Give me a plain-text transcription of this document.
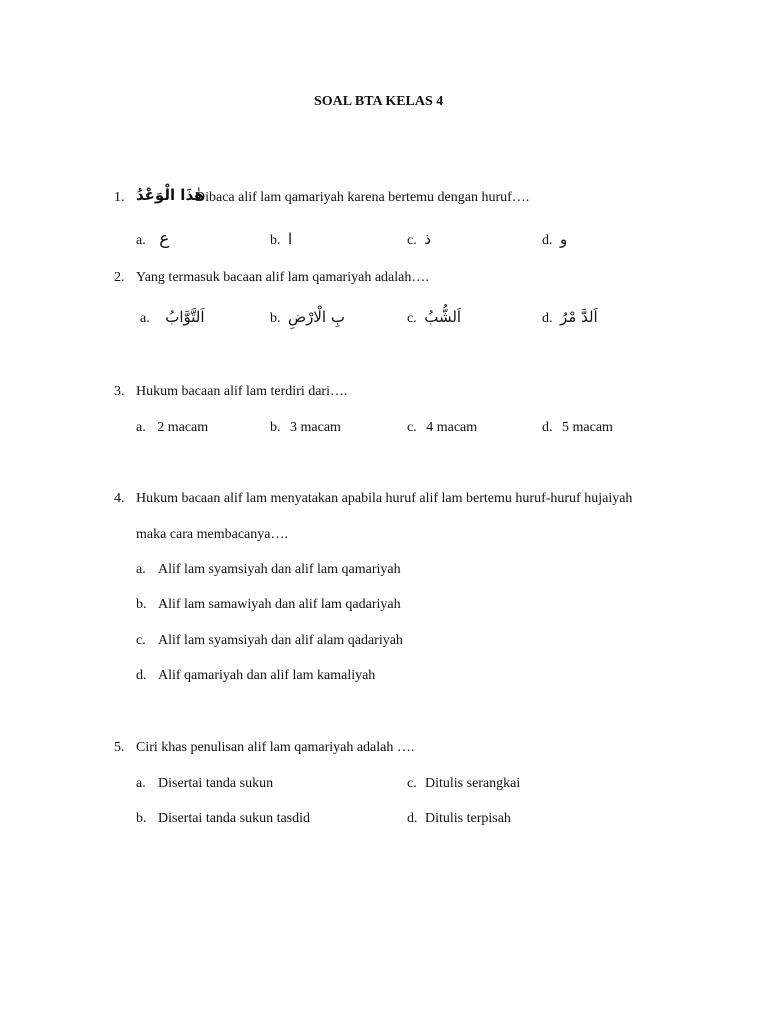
SOAL BTA KELAS 4
1. هٰذَا الْوَعْدُ
Dibaca alif lam qamariyah karena bertemu dengan huruf….
a. ع	b. ا	c. ذ	d. و
2. Yang termasuk bacaan alif lam qamariyah adalah….
a. اَلتَّوَّابُ	b. بِ الْارْضِ	c. اَلشُّبُ	d. اَلدَّ مْرُ
3. Hukum bacaan alif lam terdiri dari….
a. 2 macam	b. 3 macam	c. 4 macam	d. 5 macam
4. Hukum bacaan alif lam menyatakan apabila huruf alif lam bertemu huruf-huruf hujaiyah
maka cara membacanya….
a. Alif lam syamsiyah dan alif lam qamariyah
b. Alif lam samawiyah dan alif lam qadariyah
c. Alif lam syamsiyah dan alif alam qadariyah
d. Alif qamariyah dan alif lam kamaliyah
5. Ciri khas penulisan alif lam qamariyah adalah ….
a. Disertai tanda sukun	c. Ditulis serangkai
b. Disertai tanda sukun tasdid	d. Ditulis terpisah
